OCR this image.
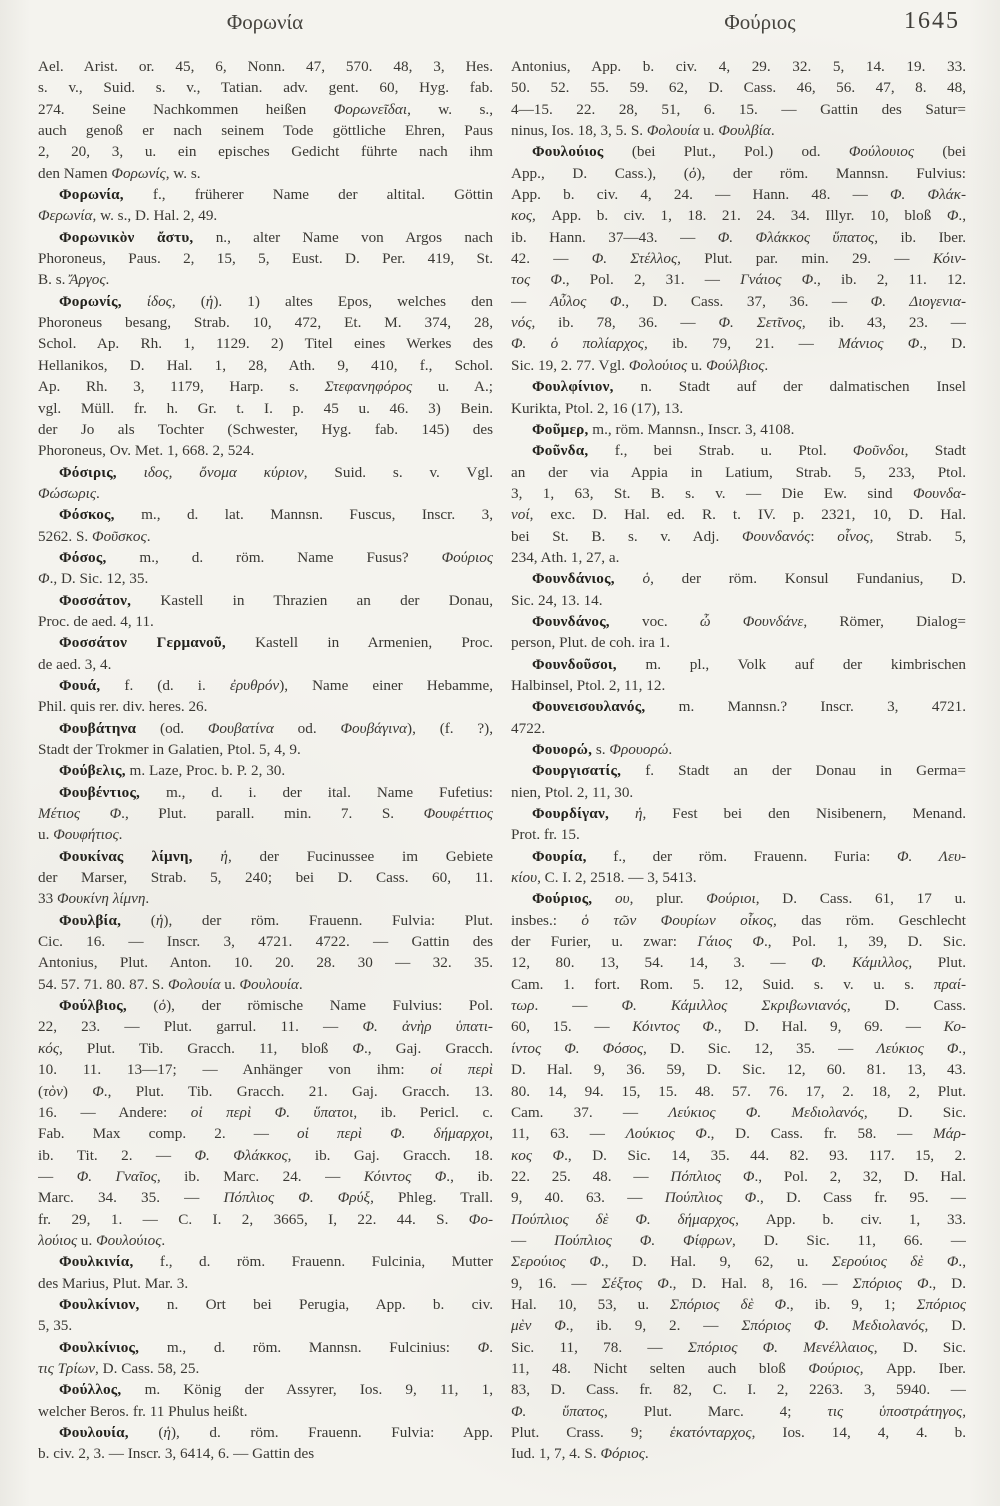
Φορωνία	Φούριος	1645
Ael. Arist. or. 45, 6, Nonn. 47, 570. 48, 3, Hes.
s. v., Suid. s. v., Tatian. adv. gent. 60, Hyg. fab.
274. Seine Nachkommen heißen Φορωνεῖδαι, w. s.,
auch genoß er nach seinem Tode göttliche Ehren, Paus
2, 20, 3, u. ein episches Gedicht führte nach ihm
den Namen Φορωνίς, w. s.
Φορωνία, f., früherer Name der altital. Göttin
Φερωνία, w. s., D. Hal. 2, 49.
Φορωνικὸν ἄστυ, n., alter Name von Argos nach
Phoroneus, Paus. 2, 15, 5, Eust. D. Per. 419, St.
B. s. Ἄργος.
Φορωνίς, ίδος, (ἡ). 1) altes Epos, welches den
Phoroneus besang, Strab. 10, 472, Et. M. 374, 28,
Schol. Ap. Rh. 1, 1129. 2) Titel eines Werkes des
Hellanikos, D. Hal. 1, 28, Ath. 9, 410, f., Schol.
Ap. Rh. 3, 1179, Harp. s. Στεφανηφόρος u. A.;
vgl. Müll. fr. h. Gr. t. I. p. 45 u. 46. 3) Bein.
der Jo als Tochter (Schwester, Hyg. fab. 145) des
Phoroneus, Ov. Met. 1, 668. 2, 524.
Φόσιρις, ιδος, ὄνομα κύριον, Suid. s. v. Vgl.
Φώσωρις.
Φόσκος, m., d. lat. Mannsn. Fuscus, Inscr. 3,
5262. S. Φοῦσκος.
Φόσος, m., d. röm. Name Fusus? Φούριος
Φ., D. Sic. 12, 35.
Φοσσάτον, Kastell in Thrazien an der Donau,
Proc. de aed. 4, 11.
Φοσσάτον Γερμανοῦ, Kastell in Armenien, Proc.
de aed. 3, 4.
Φουά, f. (d. i. ἐρυθρόν), Name einer Hebamme,
Phil. quis rer. div. heres. 26.
Φουβάτηνα (od. Φουβατίνα od. Φουβάγινα), (f. ?),
Stadt der Trokmer in Galatien, Ptol. 5, 4, 9.
Φούβελις, m. Laze, Proc. b. P. 2, 30.
Φουβέντιος, m., d. i. der ital. Name Fufetius:
Μέτιος Φ., Plut. parall. min. 7. S. Φουφέττιος
u. Φουφήτιος.
Φουκίνας λίμνη, ἡ, der Fucinussee im Gebiete
der Marser, Strab. 5, 240; bei D. Cass. 60, 11.
33 Φουκίνη λίμνη.
Φουλβία, (ἡ), der röm. Frauenn. Fulvia: Plut.
Cic. 16. — Inscr. 3, 4721. 4722. — Gattin des
Antonius, Plut. Anton. 10. 20. 28. 30 — 32. 35.
54. 57. 71. 80. 87. S. Φολουία u. Φουλουία.
Φούλβιος, (ὁ), der römische Name Fulvius: Pol.
22, 23. — Plut. garrul. 11. — Φ. ἀνὴρ ὑπατι-
κός, Plut. Tib. Gracch. 11, bloß Φ., Gaj. Gracch.
10. 11. 13—17; — Anhänger von ihm: οἱ περὶ
(τὸν) Φ., Plut. Tib. Gracch. 21. Gaj. Gracch. 13.
16. — Andere: οἱ περὶ Φ. ὕπατοι, ib. Pericl. c.
Fab. Max comp. 2. — οἱ περὶ Φ. δήμαρχοι,
ib. Tit. 2. — Φ. Φλάκκος, ib. Gaj. Gracch. 18.
— Φ. Γναῖος, ib. Marc. 24. — Κόιντος Φ., ib.
Marc. 34. 35. — Πόπλιος Φ. Φρύξ, Phleg. Trall.
fr. 29, 1. — C. I. 2, 3665, I, 22. 44. S. Φο-
λούιος u. Φουλούιος.
Φουλκινία, f., d. röm. Frauenn. Fulcinia, Mutter
des Marius, Plut. Mar. 3.
Φουλκίνιον, n. Ort bei Perugia, App. b. civ.
5, 35.
Φουλκίνιος, m., d. röm. Mannsn. Fulcinius: Φ.
τις Τρίων, D. Cass. 58, 25.
Φούλλος, m. König der Assyrer, Ios. 9, 11, 1,
welcher Beros. fr. 11 Phulus heißt.
Φουλουία, (ἡ), d. röm. Frauenn. Fulvia: App.
b. civ. 2, 3. — Inscr. 3, 6414, 6. — Gattin des
Antonius, App. b. civ. 4, 29. 32. 5, 14. 19. 33.
50. 52. 55. 59. 62, D. Cass. 46, 56. 47, 8. 48,
4—15. 22. 28, 51, 6. 15. — Gattin des Satur=
ninus, Ios. 18, 3, 5. S. Φολουία u. Φουλβία.
Φουλούιος (bei Plut., Pol.) od. Φούλουιος (bei
App., D. Cass.), (ὁ), der röm. Mannsn. Fulvius:
App. b. civ. 4, 24. — Hann. 48. — Φ. Φλάκ-
κος, App. b. civ. 1, 18. 21. 24. 34. Illyr. 10, bloß Φ.,
ib. Hann. 37—43. — Φ. Φλάκκος ὕπατος, ib. Iber.
42. — Φ. Στέλλος, Plut. par. min. 29. — Κόιν-
τος Φ., Pol. 2, 31. — Γνάιος Φ., ib. 2, 11. 12.
— Αὖλος Φ., D. Cass. 37, 36. — Φ. Διογενια-
νός, ib. 78, 36. — Φ. Σετῖνος, ib. 43, 23. —
Φ. ὁ πολίαρχος, ib. 79, 21. — Μάνιος Φ., D.
Sic. 19, 2. 77. Vgl. Φολούιος u. Φούλβιος.
Φουλφίνιον, n. Stadt auf der dalmatischen Insel
Kurikta, Ptol. 2, 16 (17), 13.
Φοῦμερ, m., röm. Mannsn., Inscr. 3, 4108.
Φοῦνδα, f., bei Strab. u. Ptol. Φοῦνδοι, Stadt
an der via Appia in Latium, Strab. 5, 233, Ptol.
3, 1, 63, St. B. s. v. — Die Ew. sind Φουνδα-
νοί, exc. D. Hal. ed. R. t. IV. p. 2321, 10, D. Hal.
bei St. B. s. v. Adj. Φουνδανός: οἶνος, Strab. 5,
234, Ath. 1, 27, a.
Φουνδάνιος, ὁ, der röm. Konsul Fundanius, D.
Sic. 24, 13. 14.
Φουνδάνος, voc. ὦ Φουνδάνε, Römer, Dialog=
person, Plut. de coh. ira 1.
Φουνδοῦσοι, m. pl., Volk auf der kimbrischen
Halbinsel, Ptol. 2, 11, 12.
Φουνεισουλανός, m. Mannsn.? Inscr. 3, 4721.
4722.
Φουορώ, s. Φρουορώ.
Φουργισατίς, f. Stadt an der Donau in Germa=
nien, Ptol. 2, 11, 30.
Φουρδίγαν, ἡ, Fest bei den Nisibenern, Menand.
Prot. fr. 15.
Φουρία, f., der röm. Frauenn. Furia: Φ. Λευ-
κίου, C. I. 2, 2518. — 3, 5413.
Φούριος, ου, plur. Φούριοι, D. Cass. 61, 17 u.
insbes.: ὁ τῶν Φουρίων οἶκος, das röm. Geschlecht
der Furier, u. zwar: Γάιος Φ., Pol. 1, 39, D. Sic.
12, 80. 13, 54. 14, 3. — Φ. Κάμιλλος, Plut.
Cam. 1. fort. Rom. 5. 12, Suid. s. v. u. s. πραί-
τωρ. — Φ. Κάμιλλος Σκριβωνιανός, D. Cass.
60, 15. — Κόιντος Φ., D. Hal. 9, 69. — Κο-
ίντος Φ. Φόσος, D. Sic. 12, 35. — Λεύκιος Φ.,
D. Hal. 9, 36. 59, D. Sic. 12, 60. 81. 13, 43.
80. 14, 94. 15, 15. 48. 57. 76. 17, 2. 18, 2, Plut.
Cam. 37. — Λεύκιος Φ. Μεδιολανός, D. Sic.
11, 63. — Λούκιος Φ., D. Cass. fr. 58. — Μάρ-
κος Φ., D. Sic. 14, 35. 44. 82. 93. 117. 15, 2.
22. 25. 48. — Πόπλιος Φ., Pol. 2, 32, D. Hal.
9, 40. 63. — Πούπλιος Φ., D. Cass fr. 95. —
Πούπλιος δὲ Φ. δήμαρχος, App. b. civ. 1, 33.
— Πούπλιος Φ. Φίφρων, D. Sic. 11, 66. —
Σερούιος Φ., D. Hal. 9, 62, u. Σερούιος δὲ Φ.,
9, 16. — Σέξτος Φ., D. Hal. 8, 16. — Σπόριος Φ., D.
Hal. 10, 53, u. Σπόριος δὲ Φ., ib. 9, 1; Σπόριος
μὲν Φ., ib. 9, 2. — Σπόριος Φ. Μεδιολανός, D.
Sic. 11, 78. — Σπόριος Φ. Μενέλλαιος, D. Sic.
11, 48. Nicht selten auch bloß Φούριος, App. Iber.
83, D. Cass. fr. 82, C. I. 2, 2263. 3, 5940. —
Φ. ὕπατος, Plut. Marc. 4; τις ὑποστράτηγος,
Plut. Crass. 9; ἑκατόνταρχος, Ios. 14, 4, 4. b.
Iud. 1, 7, 4. S. Φόριος.
